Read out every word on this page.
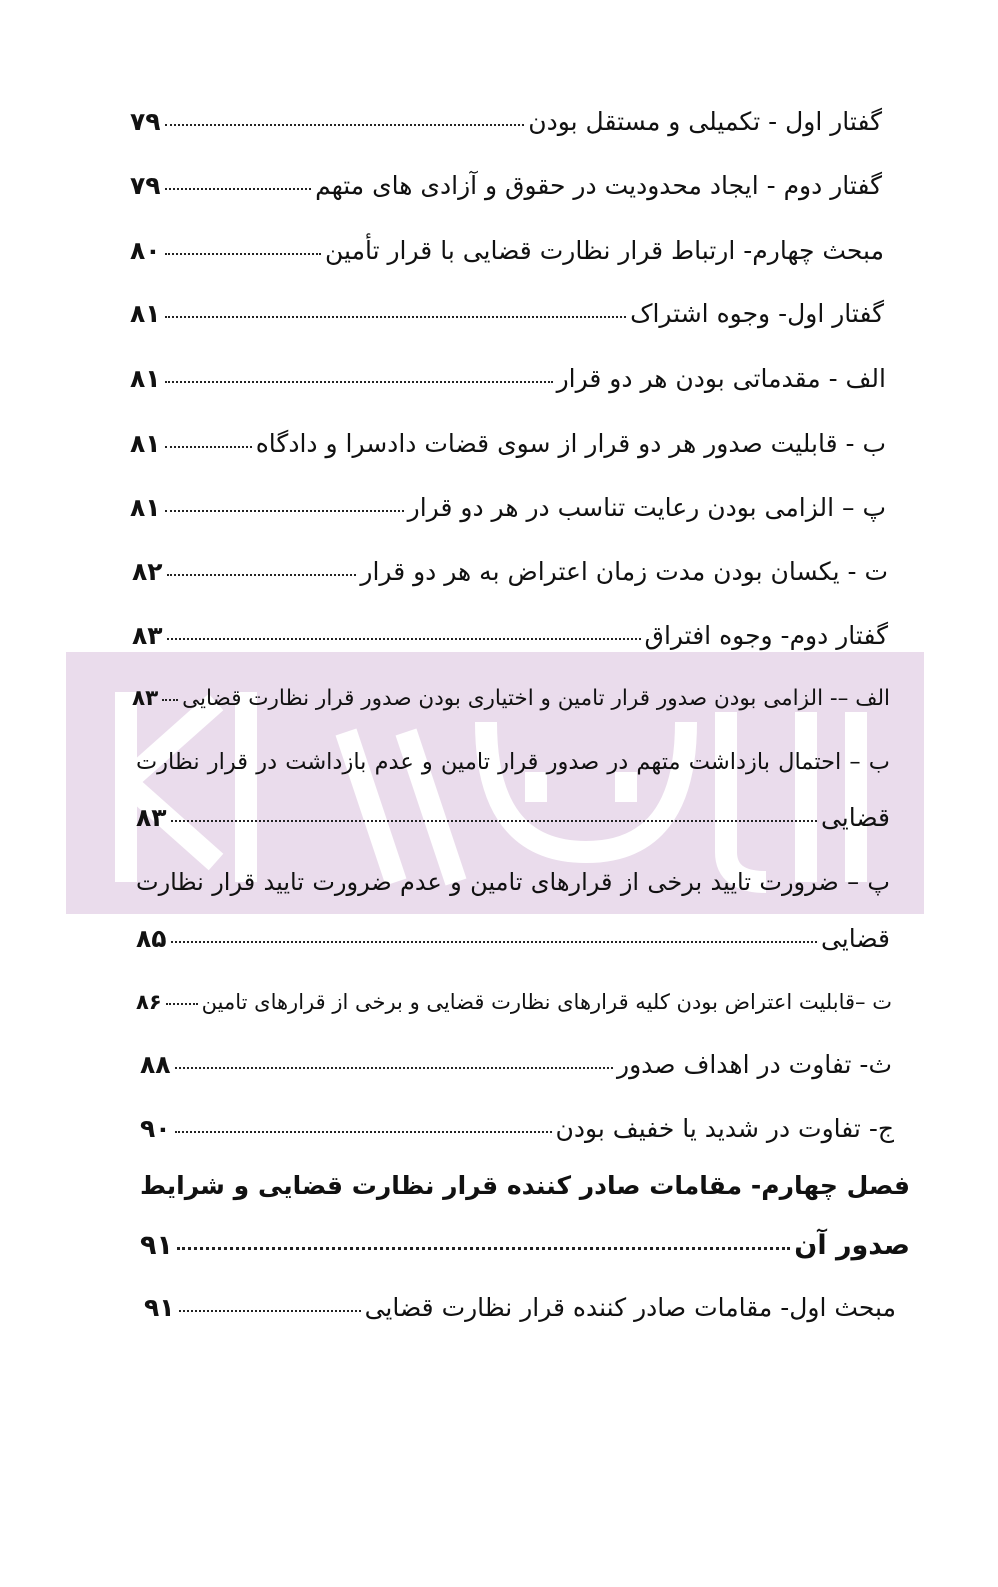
گفتار اول - تکمیلی و مستقل بودن
۷۹
گفتار دوم - ایجاد محدودیت در حقوق و آزادی های متهم
۷۹
مبحث چهارم- ارتباط قرار نظارت قضایی با قرار تأمین
۸۰
گفتار اول- وجوه اشتراک
۸۱
الف - مقدماتی بودن هر دو قرار
۸۱
ب - قابلیت صدور هر دو قرار از سوی قضات دادسرا و دادگاه
۸۱
پ – الزامی بودن رعایت تناسب در هر دو قرار
۸۱
ت - یکسان بودن مدت زمان اعتراض به هر دو قرار
۸۲
گفتار دوم- وجوه افتراق
۸۳
الف –- الزامی بودن صدور قرار تامین و اختیاری بودن صدور قرار نظارت قضایی
۸۳
ب – احتمال بازداشت متهم در صدور قرار تامین و عدم بازداشت در قرار نظارت
قضایی
۸۳
پ – ضرورت تایید برخی از قرارهای تامین و عدم ضرورت تایید قرار نظارت
قضایی
۸۵
ت –قابلیت اعتراض بودن کلیه قرارهای نظارت قضایی و برخی از قرارهای تامین
۸۶
ث- تفاوت در اهداف صدور
۸۸
ج- تفاوت در شدید یا خفیف بودن
۹۰
فصل چهارم- مقامات صادر کننده قرار نظارت قضایی و شرایط
صدور آن
۹۱
مبحث اول- مقامات صادر کننده قرار نظارت قضایی
۹۱
